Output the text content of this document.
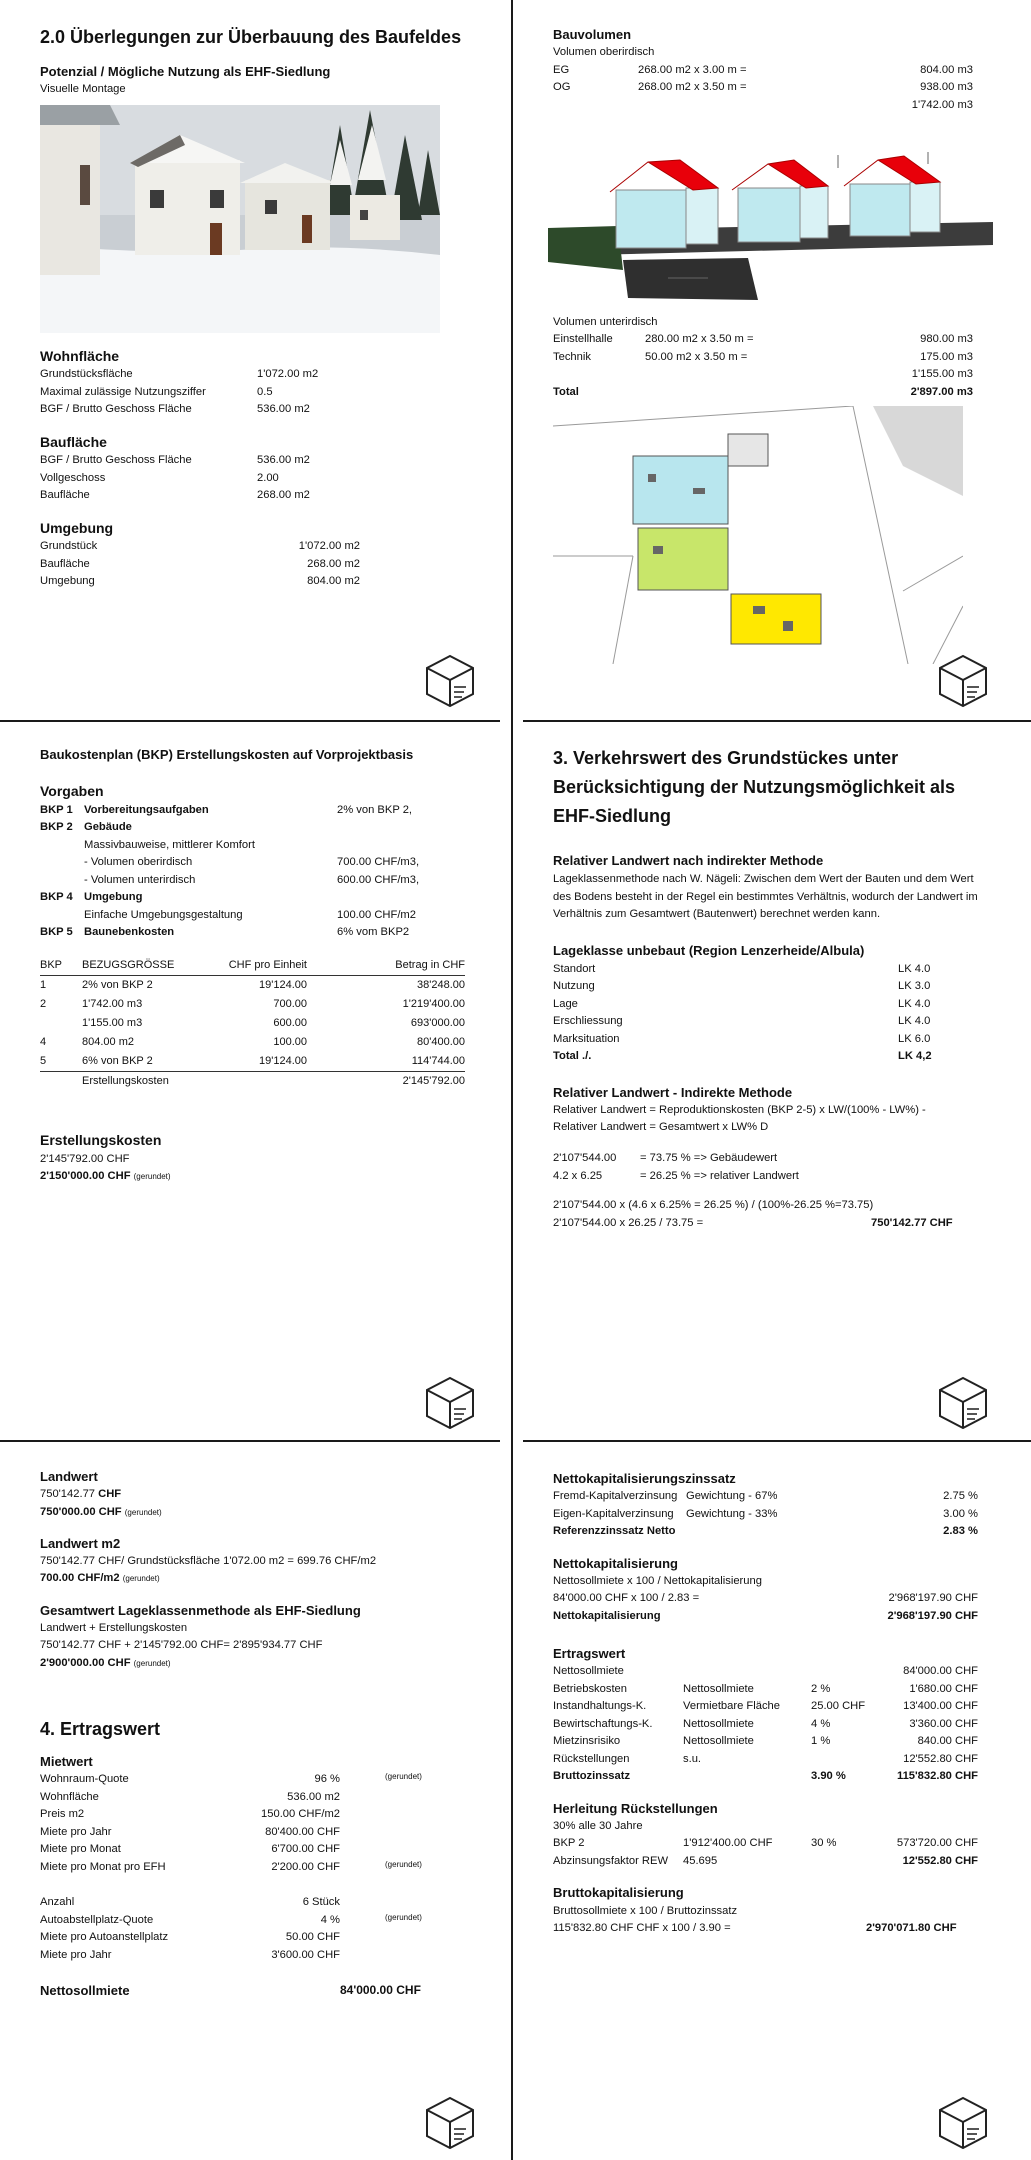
2.0 Überlegungen zur Überbauung des Baufeldes
Potenzial / Mögliche Nutzung als EHF-Siedlung
Visuelle Montage
Wohnfläche
Grundstücksfläche	1'072.00 m2
Maximal zulässige Nutzungsziffer	0.5
BGF / Brutto Geschoss Fläche	536.00 m2
Baufläche
BGF / Brutto Geschoss Fläche	536.00 m2
Vollgeschoss	2.00
Baufläche	268.00 m2
Umgebung
Grundstück	1'072.00 m2
Baufläche	268.00 m2
Umgebung	804.00 m2
Bauvolumen
Volumen oberirdisch
EG	268.00 m2 x 3.00 m =	804.00 m3
OG	268.00 m2 x 3.50 m =	938.00 m3
1'742.00 m3
Volumen unterirdisch
Einstellhalle	280.00 m2 x 3.50 m =	980.00 m3
Technik	50.00 m2 x 3.50 m =	175.00 m3
1'155.00 m3
Total	2'897.00 m3
Baukostenplan (BKP) Erstellungskosten auf Vorprojektbasis
Vorgaben
BKP 1 Vorbereitungsaufgaben	2% von BKP 2,
BKP 2 Gebäude
Massivbauweise, mittlerer Komfort
- Volumen oberirdisch	700.00 CHF/m3,
- Volumen unterirdisch	600.00 CHF/m3,
BKP 4 Umgebung
Einfache Umgebungsgestaltung	100.00 CHF/m2
BKP 5 Baunebenkosten	6% vom BKP2
BKP	BEZUGSGRÖSSE	CHF pro Einheit	Betrag in CHF
1	2% von BKP 2	19'124.00	38'248.00
2	1'742.00 m3	700.00	1'219'400.00
	1'155.00 m3	600.00	693'000.00
4	804.00 m2	100.00	80'400.00
5	6% von BKP 2	19'124.00	114'744.00
	Erstellungskosten		2'145'792.00
Erstellungskosten
2'145'792.00 CHF
2'150'000.00 CHF (gerundet)
3. Verkehrswert des Grundstückes unter
Berücksichtigung der Nutzungsmöglichkeit als
EHF-Siedlung
Relativer Landwert nach indirekter Methode
Lageklassenmethode nach W. Nägeli: Zwischen dem Wert der Bauten und dem Wert des Bodens besteht in der Regel ein bestimmtes Verhältnis, wodurch der Landwert im Verhältnis zum Gesamtwert (Bautenwert) berechnet werden kann.
Lageklasse unbebaut (Region Lenzerheide/Albula)
Standort	LK 4.0
Nutzung	LK 3.0
Lage	LK 4.0
Erschliessung	LK 4.0
Marksituation	LK 6.0
Total ./.	LK 4,2
Relativer Landwert - Indirekte Methode
Relativer Landwert = Reproduktionskosten (BKP 2-5) x LW/(100% - LW%) -
Relativer Landwert = Gesamtwert x LW% D
2'107'544.00 = 73.75 % => Gebäudewert
4.2 x 6.25	= 26.25 % => relativer Landwert
2'107'544.00 x (4.6 x 6.25% = 26.25 %) / (100%-26.25 %=73.75)
2'107'544.00 x 26.25 / 73.75 =	750'142.77 CHF
Landwert
750'142.77 CHF
750'000.00 CHF (gerundet)
Landwert m2
750'142.77 CHF/ Grundstücksfläche 1'072.00 m2 = 699.76 CHF/m2
700.00 CHF/m2 (gerundet)
Gesamtwert Lageklassenmethode als EHF-Siedlung
Landwert + Erstellungskosten
750'142.77 CHF + 2'145'792.00 CHF= 2'895'934.77 CHF
2'900'000.00 CHF (gerundet)
4. Ertragswert
Mietwert
Wohnraum-Quote	96 %	(gerundet)
Wohnfläche	536.00 m2
Preis m2	150.00 CHF/m2
Miete pro Jahr	80'400.00 CHF
Miete pro Monat	6'700.00 CHF
Miete pro Monat pro EFH	2'200.00 CHF	(gerundet)
Anzahl	6 Stück
Autoabstellplatz-Quote	4 %	(gerundet)
Miete pro Autoanstellplatz	50.00 CHF
Miete pro Jahr	3'600.00 CHF
Nettosollmiete	84'000.00 CHF
Nettokapitalisierungszinssatz
Fremd-Kapitalverzinsung Gewichtung - 67%	2.75 %
Eigen-Kapitalverzinsung Gewichtung - 33%	3.00 %
Referenzzinssatz Netto	2.83 %
Nettokapitalisierung
Nettosollmiete x 100 / Nettokapitalisierung
84'000.00 CHF x 100 / 2.83 =	2'968'197.90 CHF
Nettokapitalisierung	2'968'197.90 CHF
Ertragswert
Nettosollmiete	84'000.00 CHF
Betriebskosten	Nettosollmiete	2 %	1'680.00 CHF
Instandhaltungs-K.	Vermietbare Fläche	25.00 CHF	13'400.00 CHF
Bewirtschaftungs-K.	Nettosollmiete	4 %	3'360.00 CHF
Mietzinsrisiko	Nettosollmiete	1 %	840.00 CHF
Rückstellungen	s.u.	12'552.80 CHF
Bruttozinssatz	3.90 %	115'832.80 CHF
Herleitung Rückstellungen
30% alle 30 Jahre
BKP 2	1'912'400.00 CHF	30 %	573'720.00 CHF
Abzinsungsfaktor REW 45.695	12'552.80 CHF
Bruttokapitalisierung
Bruttosollmiete x 100 / Bruttozinssatz
115'832.80 CHF CHF x 100 / 3.90 =	2'970'071.80 CHF
